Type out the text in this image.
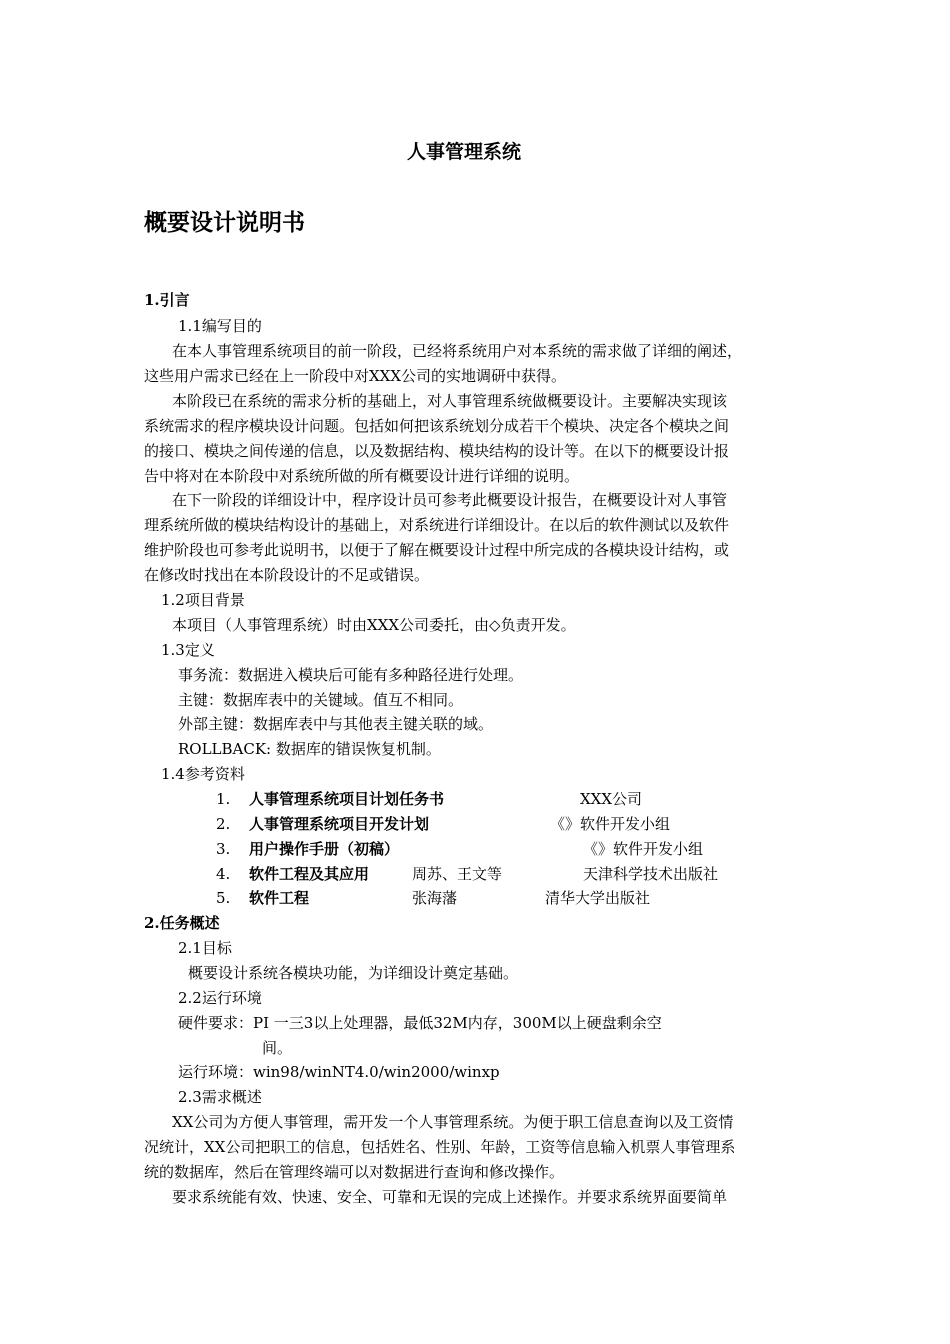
人事管理系统
概要设计说明书
1.引言
1.1编写目的
在本人事管理系统项目的前一阶段，已经将系统用户对本系统的需求做了详细的阐述，
这些用户需求已经在上一阶段中对XXX公司的实地调研中获得。
本阶段已在系统的需求分析的基础上，对人事管理系统做概要设计。主要解决实现该
系统需求的程序模块设计问题。包括如何把该系统划分成若干个模块、决定各个模块之间
的接口、模块之间传递的信息，以及数据结构、模块结构的设计等。在以下的概要设计报
告中将对在本阶段中对系统所做的所有概要设计进行详细的说明。
在下一阶段的详细设计中，程序设计员可参考此概要设计报告，在概要设计对人事管
理系统所做的模块结构设计的基础上，对系统进行详细设计。在以后的软件测试以及软件
维护阶段也可参考此说明书，以便于了解在概要设计过程中所完成的各模块设计结构，或
在修改时找出在本阶段设计的不足或错误。
1.2项目背景
本项目（人事管理系统）时由XXX公司委托，由◇负责开发。
1.3定义
事务流：数据进入模块后可能有多种路径进行处理。
主键：数据库表中的关键域。值互不相同。
外部主键：数据库表中与其他表主键关联的域。
ROLLBACK: 数据库的错误恢复机制。
1.4参考资料
1. 人事管理系统项目计划任务书	XXX公司
2. 人事管理系统项目开发计划	《》软件开发小组
3. 用户操作手册（初稿）	《》软件开发小组
4. 软件工程及其应用	周苏、王文等	天津科学技术出版社
5. 软件工程	张海藩	清华大学出版社
2.任务概述
2.1目标
概要设计系统各模块功能，为详细设计奠定基础。
2.2运行环境
硬件要求：PI 一三3以上处理器，最低32M内存，300M以上硬盘剩余空
间。
运行环境：win98/winNT4.0/win2000/winxp
2.3需求概述
XX公司为方便人事管理，需开发一个人事管理系统。为便于职工信息查询以及工资情
况统计，XX公司把职工的信息，包括姓名、性别、年龄，工资等信息输入机票人事管理系
统的数据库，然后在管理终端可以对数据进行查询和修改操作。
要求系统能有效、快速、安全、可靠和无误的完成上述操作。并要求系统界面要简单
